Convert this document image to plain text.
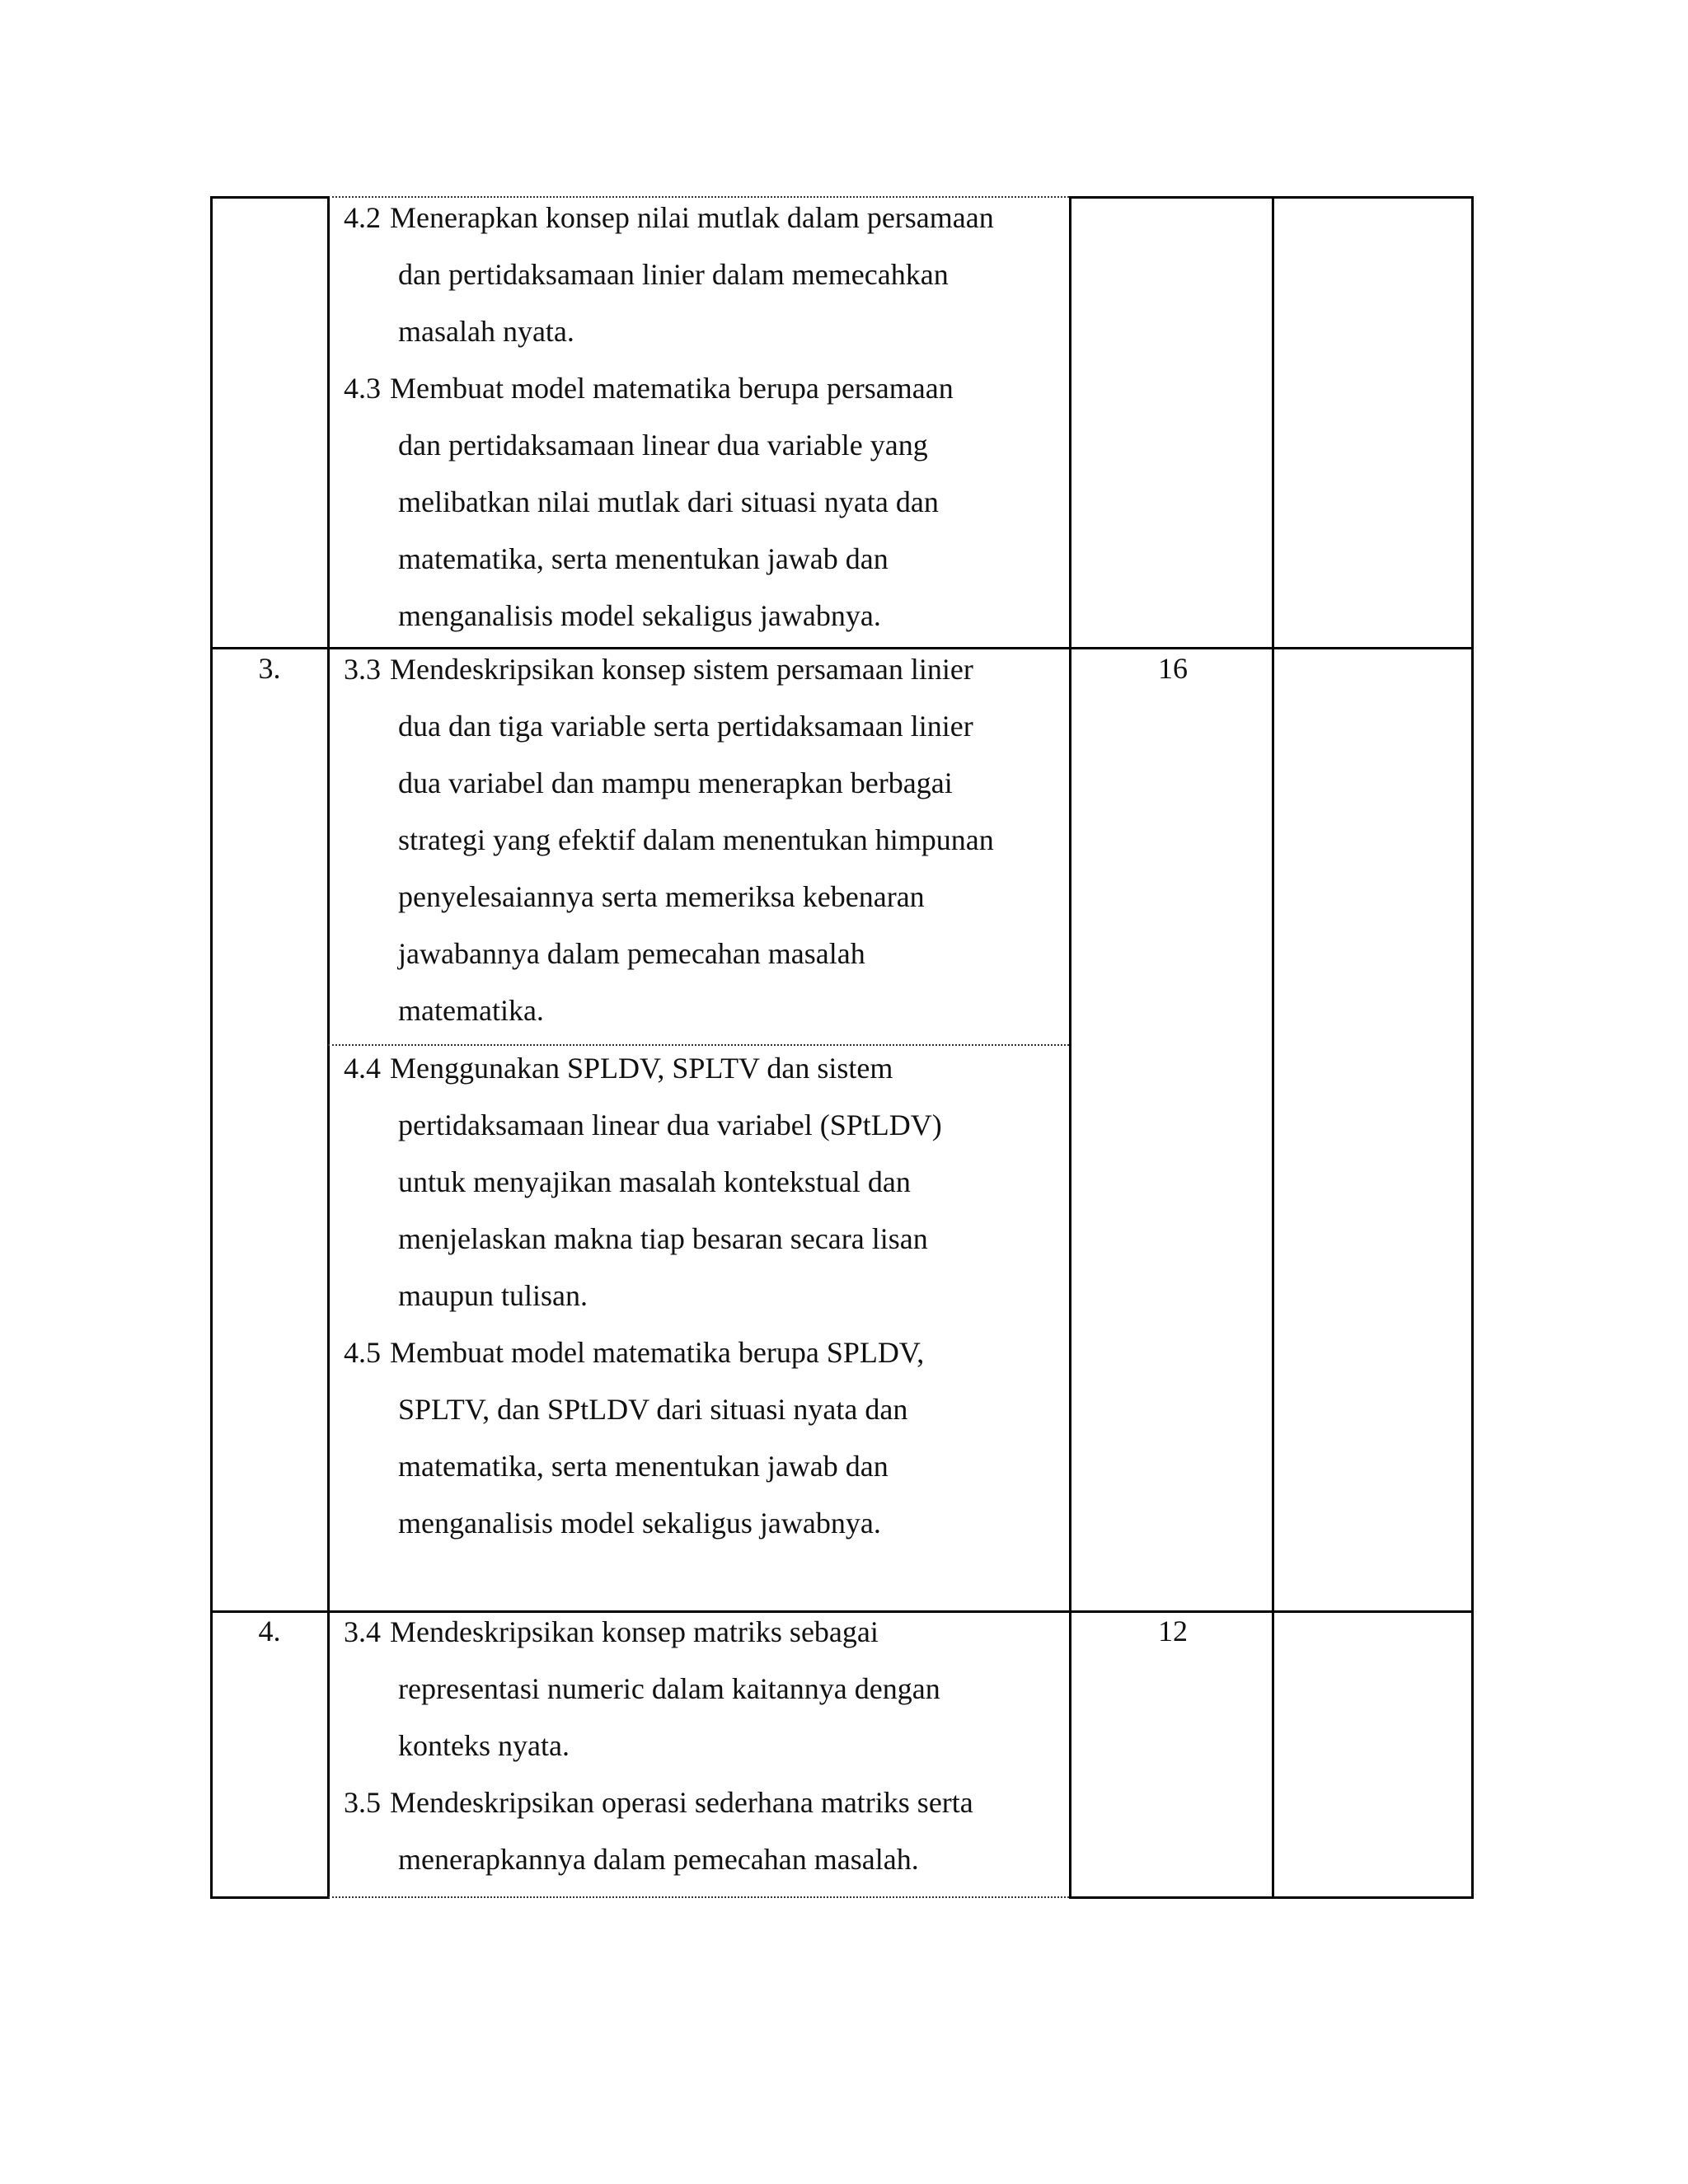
4.2 Menerapkan konsep nilai mutlak dalam persamaan
dan pertidaksamaan linier dalam memecahkan
masalah nyata.
4.3 Membuat model matematika berupa persamaan
dan pertidaksamaan linear dua variable yang
melibatkan nilai mutlak dari situasi nyata dan
matematika, serta menentukan jawab dan
menganalisis model sekaligus jawabnya.
3.	16
3.3 Mendeskripsikan konsep sistem persamaan linier
dua dan tiga variable serta pertidaksamaan linier
dua variabel dan mampu menerapkan berbagai
strategi yang efektif dalam menentukan himpunan
penyelesaiannya serta memeriksa kebenaran
jawabannya dalam pemecahan masalah
matematika.
4.4 Menggunakan SPLDV, SPLTV dan sistem
pertidaksamaan linear dua variabel (SPtLDV)
untuk menyajikan masalah kontekstual dan
menjelaskan makna tiap besaran secara lisan
maupun tulisan.
4.5 Membuat model matematika berupa SPLDV,
SPLTV, dan SPtLDV dari situasi nyata dan
matematika, serta menentukan jawab dan
menganalisis model sekaligus jawabnya.
4.	12
3.4 Mendeskripsikan konsep matriks sebagai
representasi numeric dalam kaitannya dengan
konteks nyata.
3.5 Mendeskripsikan operasi sederhana matriks serta
menerapkannya dalam pemecahan masalah.
